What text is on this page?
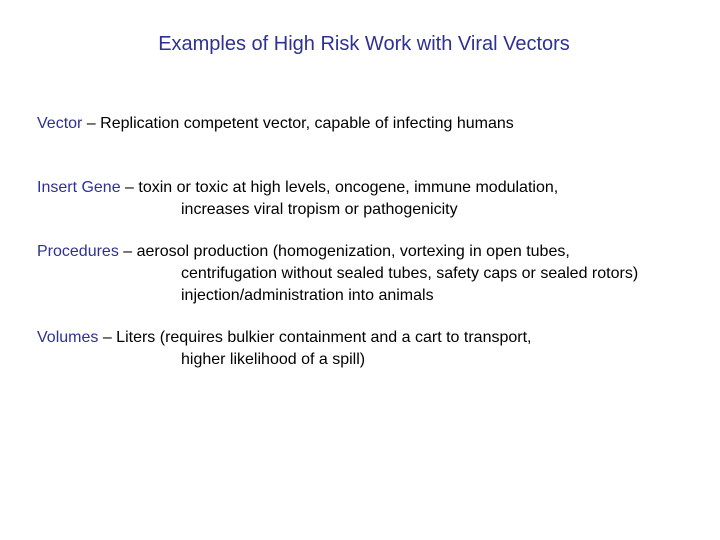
Examples of High Risk Work with Viral Vectors
Vector – Replication competent vector, capable of infecting humans
Insert Gene – toxin or toxic at high levels, oncogene, immune modulation,
increases viral tropism or pathogenicity
Procedures – aerosol production (homogenization, vortexing in open tubes,
centrifugation without sealed tubes, safety caps or sealed rotors)
injection/administration into animals
Volumes – Liters (requires bulkier containment and a cart to transport,
higher likelihood of a spill)
